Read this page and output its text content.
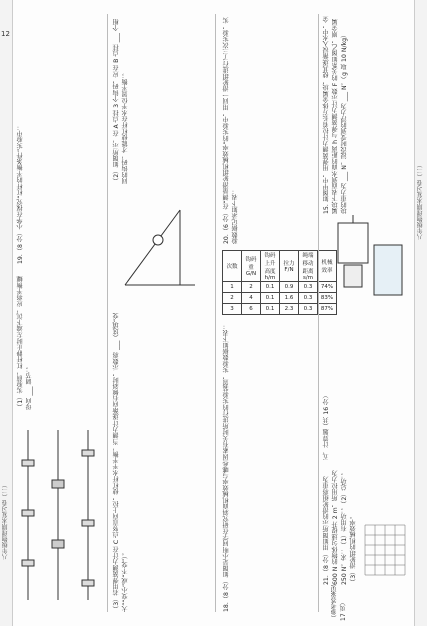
12
八年级物理期末复习卷（二）
八年级物理期末复习卷（二）
19.（8 分）小华在探究“杠杆的平衡条件”实验中：
（1）实验前，杠杆静止时左端下沉，应将平衡螺母向 ___ 调节；
（2）如图所示，在 A 点挂 3 个钩码，应在 B 点挂 ___ 个相同的钩码，才能使杠杆在水平位置平衡；
（3）若用弹簧测力计在 C 点竖直向上拉，使杠杆水平平衡，当测力计逐渐向右倾斜时，示数将 ___（选填“变大”“变小”或“不变”）。
次数	钩码重 G/N	钩码上升高度 h/m	拉力 F/N	绳端移动距离 s/m	机械效率
1	2	0.1	0.9	0.3	74%
2	4	0.1	1.6	0.3	83%
3	6	0.1	2.3	0.3	87%
20.（6 分）在“测量滑轮组机械效率”的实验中，用同一滑轮组进行了三次实验，实验数据记录如下表：
18.（8 分）如图是小明同学在研究斜面机械效率与哪些因素有关时所进行的实验装置，实验数据如下表：
15. 如图甲中，用弹簧测力计拉着长方体金属块，使其逐渐浸入水中，金属块下表面到水面的距离 h 与弹簧测力计示数 F 的关系如图乙，则金属块的重力为 ___ N，浸没时受到的浮力为 ___ N。（g 取 10 N/kg）
五、计算题（共 16 分）
21.（8 分）用如图所示的滑轮组将重为 600 N 的物体匀速提升 2 m，所用拉力为 250 N。求：（1）有用功；（2）总功；（3）滑轮组的机械效率。
（参考答案见 17 页）
